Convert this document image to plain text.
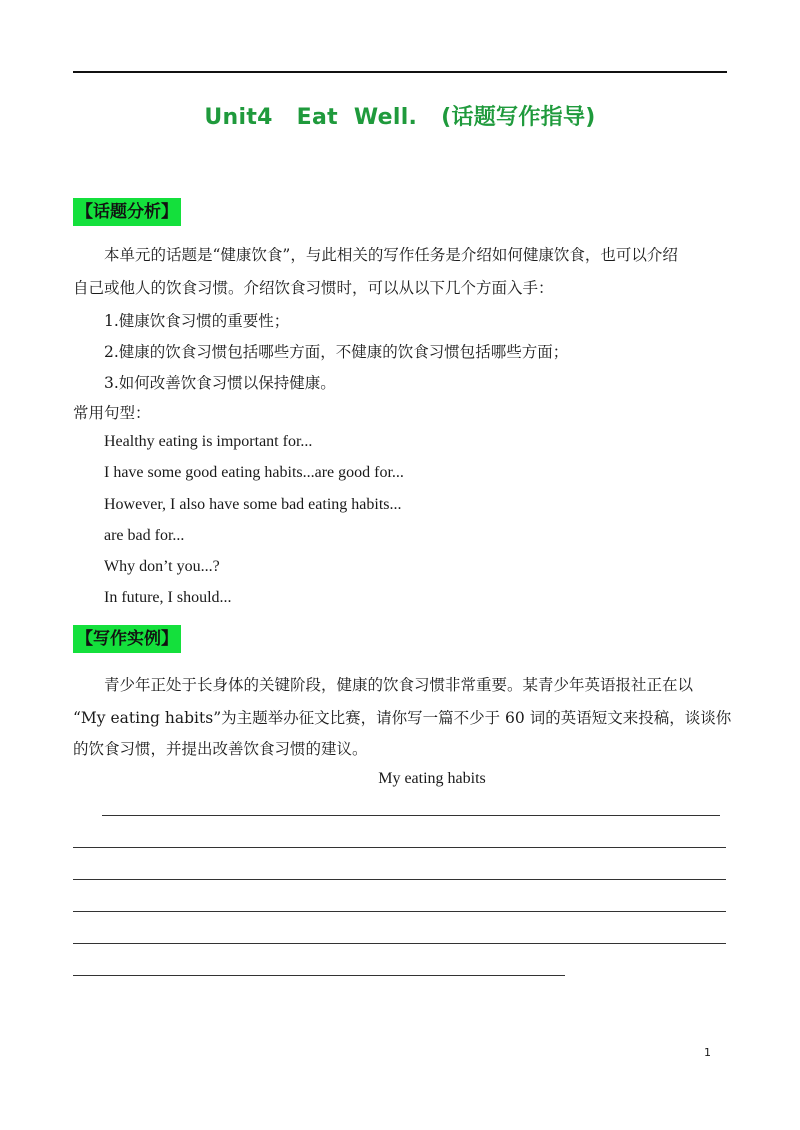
Unit4   Eat  Well.   (话题写作指导)
【话题分析】
本单元的话题是“健康饮食”，与此相关的写作任务是介绍如何健康饮食，也可以介绍
自己或他人的饮食习惯。介绍饮食习惯时，可以从以下几个方面入手：
1.健康饮食习惯的重要性；
2.健康的饮食习惯包括哪些方面，不健康的饮食习惯包括哪些方面；
3.如何改善饮食习惯以保持健康。
常用句型：
Healthy eating is important for...
I have some good eating habits...are good for...
However, I also have some bad eating habits...
are bad for...
Why don’t you...?
In future, I should...
【写作实例】
青少年正处于长身体的关键阶段，健康的饮食习惯非常重要。某青少年英语报社正在以
“My eating habits”为主题举办征文比赛，请你写一篇不少于 60 词的英语短文来投稿，谈谈你
的饮食习惯，并提出改善饮食习惯的建议。
My eating habits
1
